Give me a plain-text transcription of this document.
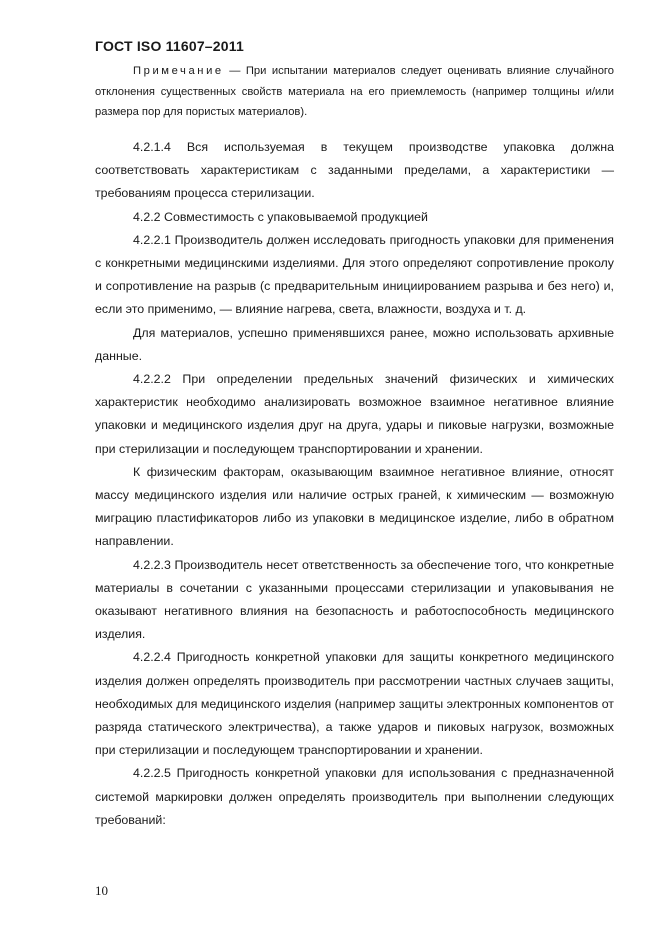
ГОСТ ISO 11607–2011

Примечание — При испытании материалов следует оценивать влияние случайного отклонения существенных свойств материала на его приемлемость (например толщины и/или размера пор для пористых материалов).

4.2.1.4 Вся используемая в текущем производстве упаковка должна соответствовать характеристикам с заданными пределами, а характеристики — требованиям процесса стерилизации.

4.2.2 Совместимость с упаковываемой продукцией

4.2.2.1 Производитель должен исследовать пригодность упаковки для применения с конкретными медицинскими изделиями. Для этого определяют сопротивление проколу и сопротивление на разрыв (с предварительным инициированием разрыва и без него) и, если это применимо, — влияние нагрева, света, влажности, воздуха и т. д.

Для материалов, успешно применявшихся ранее, можно использовать архивные данные.

4.2.2.2 При определении предельных значений физических и химических характеристик необходимо анализировать возможное взаимное негативное влияние упаковки и медицинского изделия друг на друга, удары и пиковые нагрузки, возможные при стерилизации и последующем транспортировании и хранении.

К физическим факторам, оказывающим взаимное негативное влияние, относят массу медицинского изделия или наличие острых граней, к химическим — возможную миграцию пластификаторов либо из упаковки в медицинское изделие, либо в обратном направлении.

4.2.2.3 Производитель несет ответственность за обеспечение того, что конкретные материалы в сочетании с указанными процессами стерилизации и упаковывания не оказывают негативного влияния на безопасность и работоспособность медицинского изделия.

4.2.2.4 Пригодность конкретной упаковки для защиты конкретного медицинского изделия должен определять производитель при рассмотрении частных случаев защиты, необходимых для медицинского изделия (например защиты электронных компонентов от разряда статического электричества), а также ударов и пиковых нагрузок, возможных при стерилизации и последующем транспортировании и хранении.

4.2.2.5 Пригодность конкретной упаковки для использования с предназначенной системой маркировки должен определять производитель при выполнении следующих требований:

10
